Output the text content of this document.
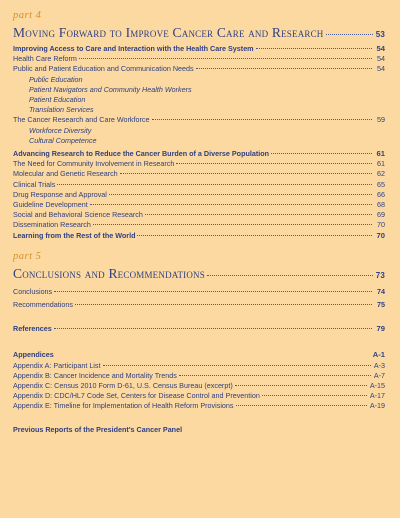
part 4
Moving Forward to Improve Cancer Care and Research	53
Improving Access to Care and Interaction with the Health Care System	54
Health Care Reform	54
Public and Patient Education and Communication Needs	54
Public Education
Patient Navigators and Community Health Workers
Patient Education
Translation Services
The Cancer Research and Care Workforce	59
Workforce Diversity
Cultural Competence
Advancing Research to Reduce the Cancer Burden of a Diverse Population	61
The Need for Community Involvement in Research	61
Molecular and Genetic Research	62
Clinical Trials	65
Drug Response and Approval	66
Guideline Development	68
Social and Behavioral Science Research	69
Dissemination Research	70
Learning from the Rest of the World	70
part 5
Conclusions and Recommendations	73
Conclusions	74
Recommendations	75
References	79
Appendices	A-1
Appendix A: Participant List	A-3
Appendix B: Cancer Incidence and Mortality Trends	A-7
Appendix C: Census 2010 Form D-61, U.S. Census Bureau (excerpt)	A-15
Appendix D: CDC/HL7 Code Set, Centers for Disease Control and Prevention	A-17
Appendix E: Timeline for Implementation of Health Reform Provisions	A-19
Previous Reports of the President's Cancer Panel
